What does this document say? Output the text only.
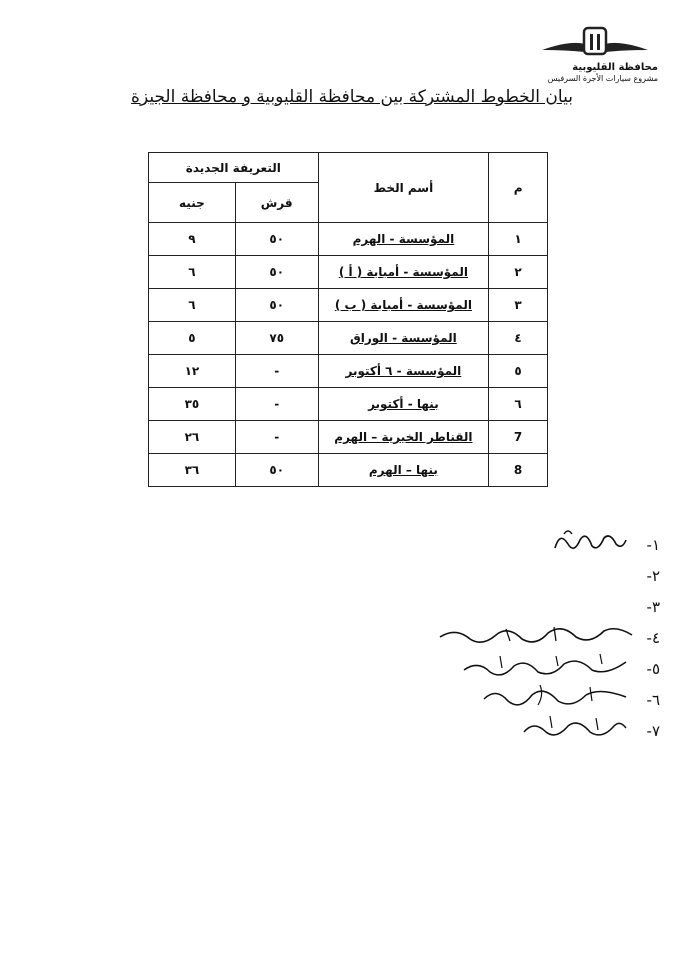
محافظة القليوبية
مشروع سيارات الأجرة السرفيس
بيان الخطوط المشتركة بين محافظة القليوبية و محافظة الجيزة
م	أسم الخط	التعريفة الجديدة	
		قرش	جنيه
١	المؤسسة - الهرم	٥٠	٩
٢	المؤسسة - أمبابة ( أ )	٥٠	٦
٣	المؤسسة - أمبابة ( ب )	٥٠	٦
٤	المؤسسة - الوراق	٧٥	٥
٥	المؤسسة - ٦ أكتوبر	-	١٢
٦	بنها - أكتوبر	-	٣٥
7	القناطر الخيرية – الهرم	-	٢٦
8	بنها – الهرم	٥٠	٣٦
١-
٢-
٣-
٤-
٥-
٦-
٧-
